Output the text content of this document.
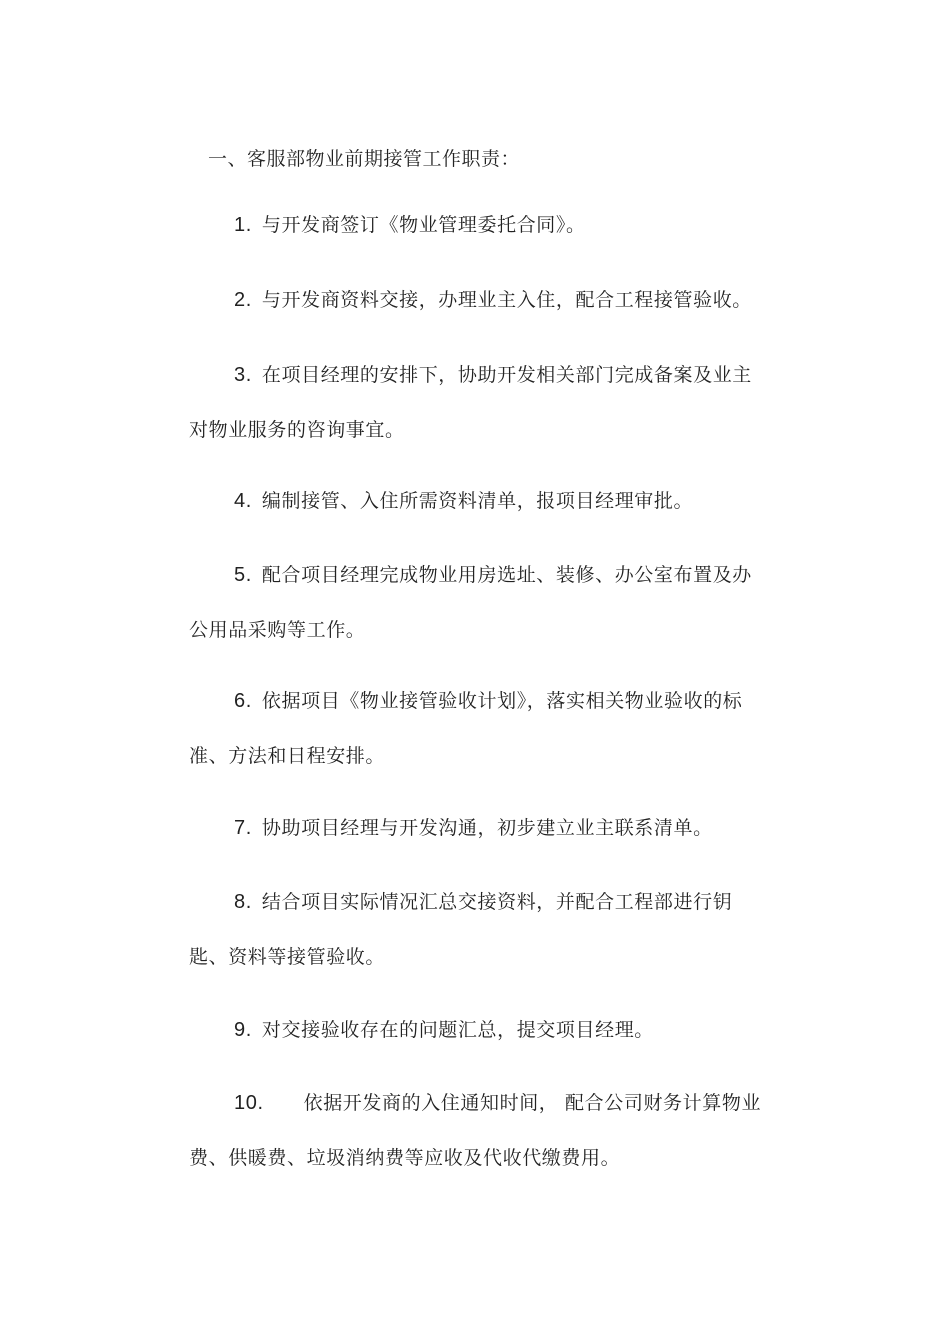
一、客服部物业前期接管工作职责：
1. 与开发商签订《物业管理委托合同》。
2. 与开发商资料交接，办理业主入住，配合工程接管验收。
3. 在项目经理的安排下，协助开发相关部门完成备案及业主对物业服务的咨询事宜。
4. 编制接管、入住所需资料清单，报项目经理审批。
5. 配合项目经理完成物业用房选址、装修、办公室布置及办公用品采购等工作。
6. 依据项目《物业接管验收计划》，落实相关物业验收的标准、方法和日程安排。
7. 协助项目经理与开发沟通，初步建立业主联系清单。
8. 结合项目实际情况汇总交接资料，并配合工程部进行钥匙、资料等接管验收。
9. 对交接验收存在的问题汇总，提交项目经理。
10. 依据开发商的入住通知时间， 配合公司财务计算物业费、供暖费、垃圾消纳费等应收及代收代缴费用。
